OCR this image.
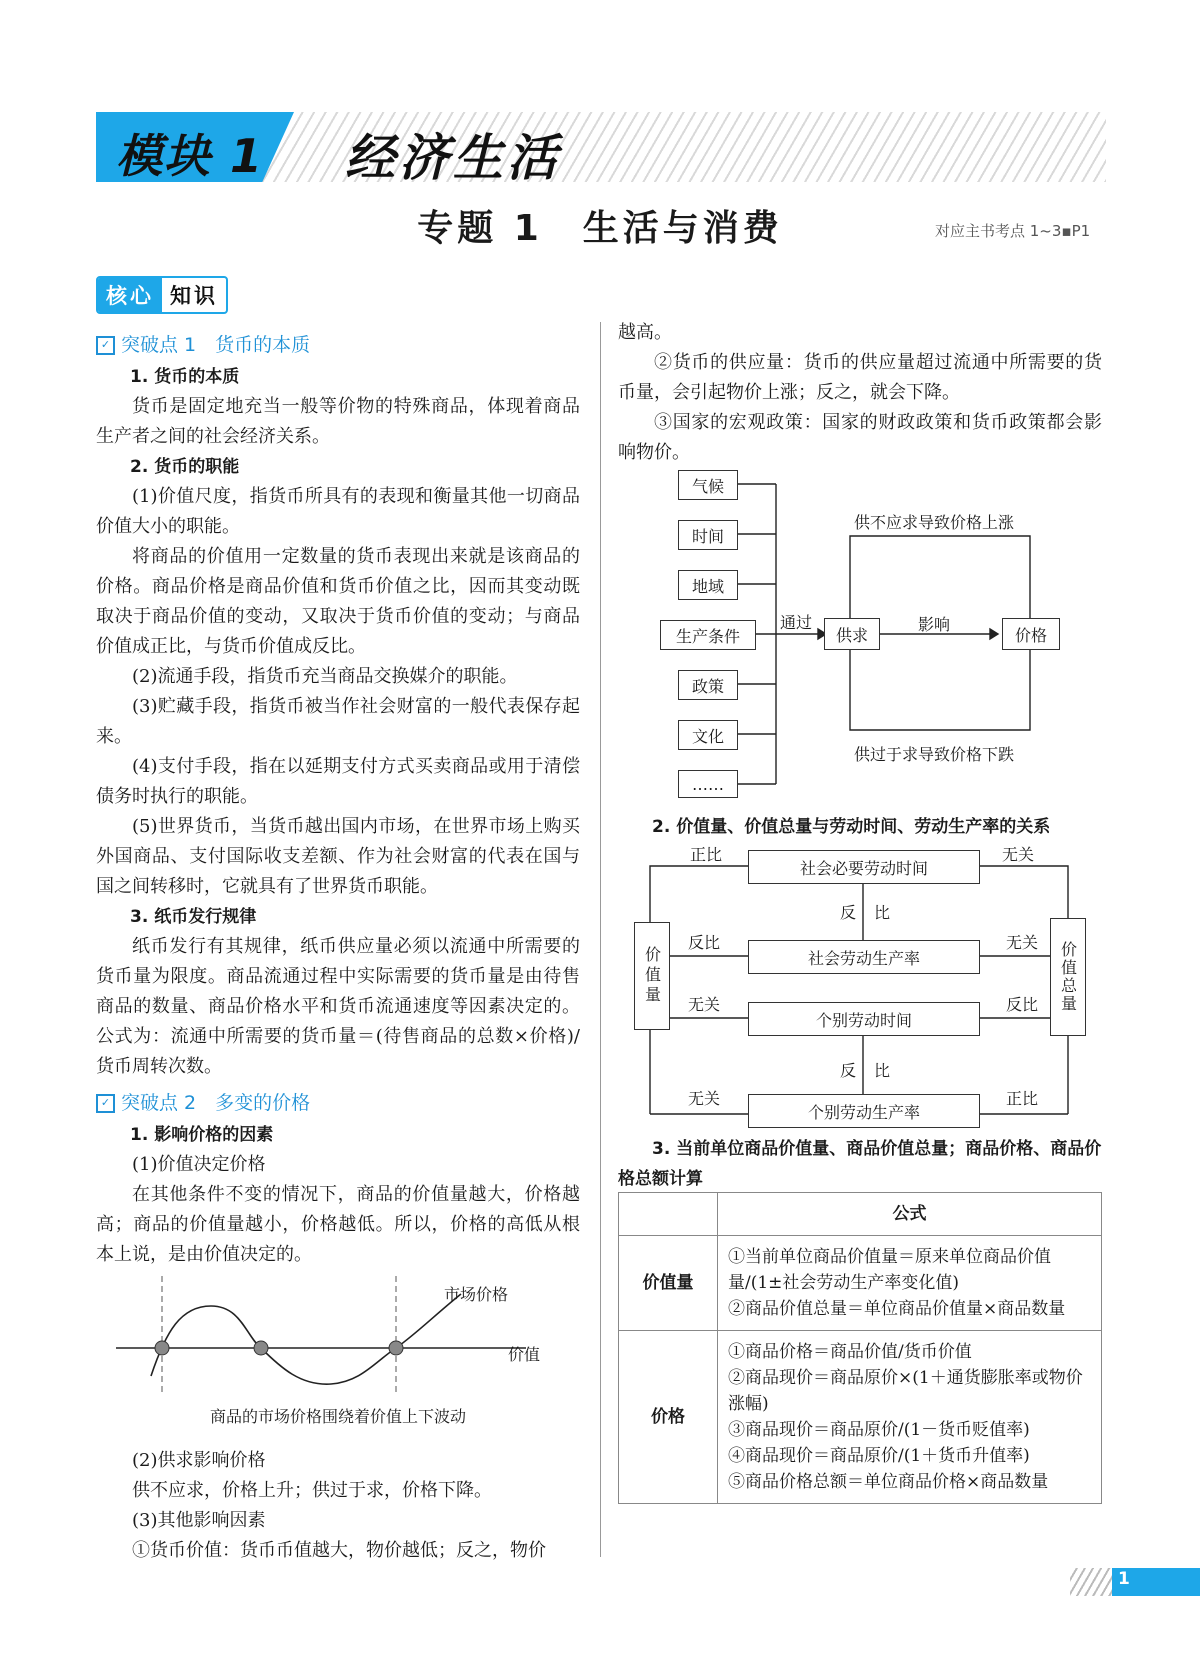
模块 1 经济生活
专题 1　生活与消费	对应主书考点 1~3▪P1
核心 知识
✓ 突破点 1　货币的本质

1. 货币的本质

货币是固定地充当一般等价物的特殊商品，体现着商品生产者之间的社会经济关系。

2. 货币的职能

(1)价值尺度，指货币所具有的表现和衡量其他一切商品价值大小的职能。

将商品的价值用一定数量的货币表现出来就是该商品的价格。商品价格是商品价值和货币价值之比，因而其变动既取决于商品价值的变动，又取决于货币价值的变动；与商品价值成正比，与货币价值成反比。

(2)流通手段，指货币充当商品交换媒介的职能。

(3)贮藏手段，指货币被当作社会财富的一般代表保存起来。

(4)支付手段，指在以延期支付方式买卖商品或用于清偿债务时执行的职能。

(5)世界货币，当货币越出国内市场，在世界市场上购买外国商品、支付国际收支差额、作为社会财富的代表在国与国之间转移时，它就具有了世界货币职能。

3. 纸币发行规律

纸币发行有其规律，纸币供应量必须以流通中所需要的货币量为限度。商品流通过程中实际需要的货币量是由待售商品的数量、商品价格水平和货币流通速度等因素决定的。公式为：流通中所需要的货币量＝(待售商品的总数×价格)/货币周转次数。

✓ 突破点 2　多变的价格

1. 影响价格的因素

(1)价值决定价格

在其他条件不变的情况下，商品的价值量越大，价格越高；商品的价值量越小，价格越低。所以，价格的高低从根本上说，是由价值决定的。

市场价格
价值
商品的市场价格围绕着价值上下波动

(2)供求影响价格

供不应求，价格上升；供过于求，价格下降。

(3)其他影响因素

①货币价值：货币币值越大，物价越低；反之，物价

越高。

②货币的供应量：货币的供应量超过流通中所需要的货币量，会引起物价上涨；反之，就会下降。

③国家的宏观政策：国家的财政政策和货币政策都会影响物价。

气候
时间
地域
生产条件
政策
文化
……
通过
供求
影响
价格
供不应求导致价格上涨
供过于求导致价格下跌
2. 价值量、价值总量与劳动时间、劳动生产率的关系
社会必要劳动时间
社会劳动生产率
个别劳动时间
个别劳动生产率
价值量	价值总量
正比	无关
反比	无关
无关	反比
无关	正比
反 比
反 比
3. 当前单位商品价值量、商品价值总量；商品价格、商品价格总额计算
	公式
价值量	①当前单位商品价值量＝原来单位商品价值量/(1±社会劳动生产率变化值)
②商品价值总量＝单位商品价值量×商品数量

价格	①商品价格＝商品价值/货币价值
②商品现价＝商品原价×(1＋通货膨胀率或物价涨幅)
③商品现价＝商品原价/(1－货币贬值率)
④商品现价＝商品原价/(1＋货币升值率)
⑤商品价格总额＝单位商品价格×商品数量
1
